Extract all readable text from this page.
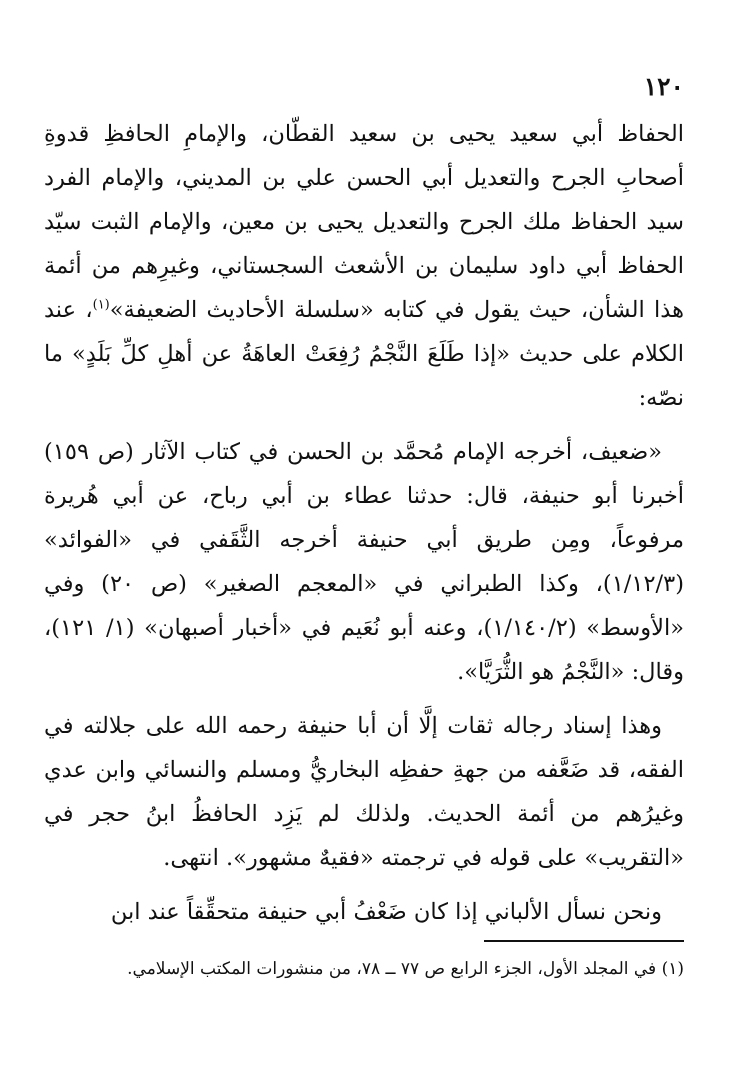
١٢٠

الحفاظ أبي سعيد يحيى بن سعيد القطّان، والإمامِ الحافظِ قدوةِ أصحابِ الجرح والتعديل أبي الحسن علي بن المديني، والإمام الفرد سيد الحفاظ ملك الجرح والتعديل يحيى بن معين، والإمام الثبت سيّد الحفاظ أبي داود سليمان بن الأشعث السجستاني، وغيرِهم من أئمة هذا الشأن، حيث يقول في كتابه «سلسلة الأحاديث الضعيفة»$^{(١)}$، عند الكلام على حديث «إذا طَلَعَ النَّجْمُ رُفِعَتْ العاهَةُ عن أهلِ كلِّ بَلَدٍ» ما نصّه:

«ضعيف، أخرجه الإمام مُحمَّد بن الحسن في كتاب الآثار (ص ١٥٩) أخبرنا أبو حنيفة، قال: حدثنا عطاء بن أبي رباح، عن أبي هُريرة مرفوعاً، ومِن طريق أبي حنيفة أخرجه الثَّقَفي في «الفوائد» (١/١٢/٣)، وكذا الطبراني في «المعجم الصغير» (ص ٢٠) وفي «الأوسط» (١/١٤٠/٢)، وعنه أبو نُعَيم في «أخبار أصبهان» (١/ ١٢١)، وقال: «النَّجْمُ هو الثُّرَيَّا».

وهذا إسناد رجاله ثقات إلَّا أن أبا حنيفة رحمه الله على جلالته في الفقه، قد ضَعَّفه من جهةِ حفظِه البخاريُّ ومسلم والنسائي وابن عدي وغيرُهم من أئمة الحديث. ولذلك لم يَزِد الحافظُ ابنُ حجر في «التقريب» على قوله في ترجمته «فقيهٌ مشهور». انتهى.

ونحن نسأل الألباني إذا كان ضَعْفُ أبي حنيفة متحقِّقاً عند ابن

(١) في المجلد الأول، الجزء الرابع ص ٧٧ ــ ٧٨، من منشورات المكتب الإسلامي.
